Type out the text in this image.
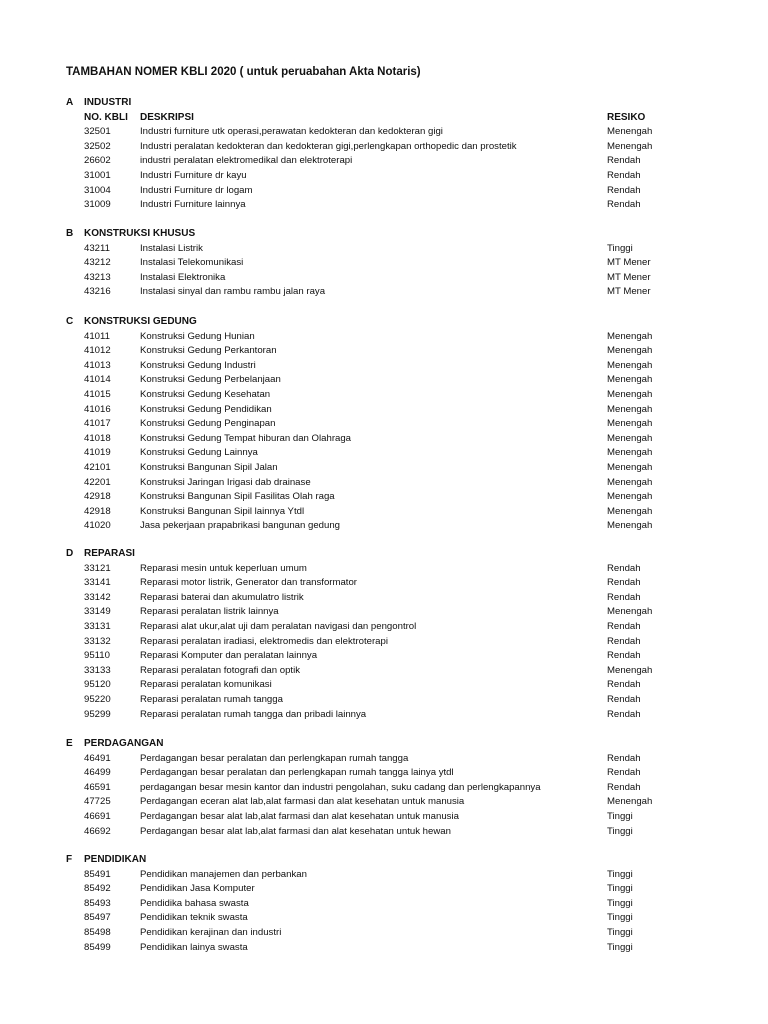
TAMBAHAN NOMER KBLI 2020 ( untuk peruabahan Akta Notaris)
A INDUSTRI
NO. KBLI DESKRIPSI	RESIKO
32501	Industri furniture utk operasi,perawatan kedokteran dan kedokteran gigi	Menengah
32502	Industri peralatan kedokteran dan kedokteran gigi,perlengkapan orthopedic dan prostetik	Menengah
26602	industri peralatan elektromedikal dan elektroterapi	Rendah
31001	Industri Furniture dr kayu	Rendah
31004	Industri Furniture dr logam	Rendah
31009	Industri Furniture lainnya	Rendah
B KONSTRUKSI KHUSUS
43211	Instalasi Listrik	Tinggi
43212	Instalasi Telekomunikasi	MT Mener
43213	Instalasi Elektronika	MT Mener
43216	Instalasi sinyal dan rambu rambu jalan raya	MT Mener
C KONSTRUKSI GEDUNG
41011	Konstruksi Gedung Hunian	Menengah
41012	Konstruksi Gedung Perkantoran	Menengah
41013	Konstruksi Gedung Industri	Menengah
41014	Konstruksi Gedung Perbelanjaan	Menengah
41015	Konstruksi Gedung Kesehatan	Menengah
41016	Konstruksi Gedung Pendidikan	Menengah
41017	Konstruksi Gedung Penginapan	Menengah
41018	Konstruksi Gedung Tempat hiburan dan Olahraga	Menengah
41019	Konstruksi Gedung Lainnya	Menengah
42101	Konstruksi Bangunan Sipil Jalan	Menengah
42201	Konstruksi Jaringan Irigasi dab drainase	Menengah
42918	Konstruksi Bangunan Sipil Fasilitas Olah raga	Menengah
42918	Konstruksi Bangunan Sipil lainnya Ytdl	Menengah
41020	Jasa pekerjaan prapabrikasi bangunan gedung	Menengah
D REPARASI
33121	Reparasi mesin untuk keperluan umum	Rendah
33141	Reparasi motor listrik, Generator dan transformator	Rendah
33142	Reparasi baterai dan akumulatro listrik	Rendah
33149	Reparasi peralatan listrik lainnya	Menengah
33131	Reparasi alat ukur,alat uji dam peralatan navigasi dan pengontrol	Rendah
33132	Reparasi peralatan iradiasi, elektromedis dan elektroterapi	Rendah
95110	Reparasi Komputer dan peralatan lainnya	Rendah
33133	Reparasi peralatan fotografi dan optik	Menengah
95120	Reparasi peralatan komunikasi	Rendah
95220	Reparasi peralatan rumah tangga	Rendah
95299	Reparasi peralatan rumah tangga dan pribadi lainnya	Rendah
E PERDAGANGAN
46491	Perdagangan besar peralatan dan perlengkapan rumah tangga	Rendah
46499	Perdagangan besar peralatan dan perlengkapan rumah tangga lainya ytdl	Rendah
46591	perdagangan besar mesin kantor dan industri pengolahan, suku cadang dan perlengkapannya	Rendah
47725	Perdagangan eceran alat lab,alat farmasi dan alat kesehatan untuk manusia	Menengah
46691	Perdagangan besar alat lab,alat farmasi dan alat kesehatan untuk manusia	Tinggi
46692	Perdagangan besar alat lab,alat farmasi dan alat kesehatan untuk hewan	Tinggi
F PENDIDIKAN
85491	Pendidikan manajemen dan perbankan	Tinggi
85492	Pendidikan Jasa Komputer	Tinggi
85493	Pendidika bahasa swasta	Tinggi
85497	Pendidikan teknik swasta	Tinggi
85498	Pendidikan kerajinan dan industri	Tinggi
85499	Pendidikan lainya swasta	Tinggi
